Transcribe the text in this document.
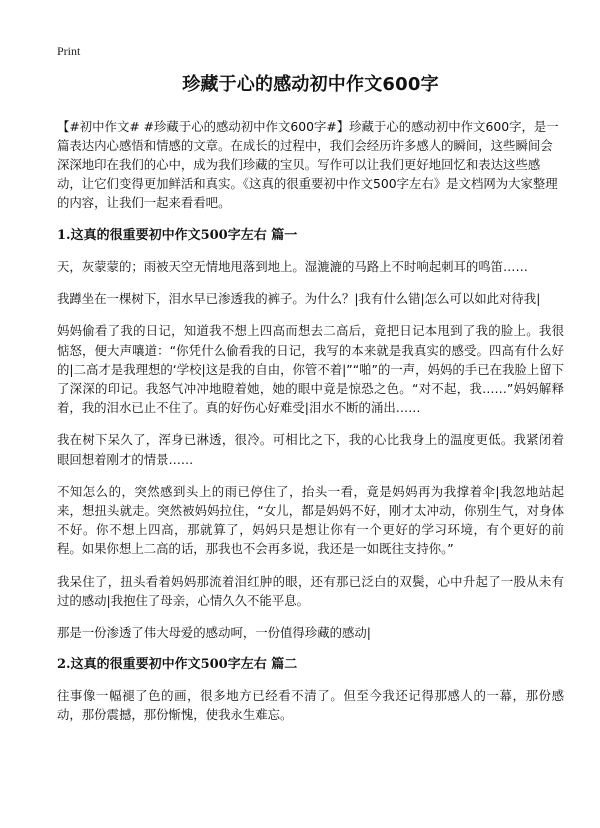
Print
珍藏于心的感动初中作文600字

【#初中作文# #珍藏于心的感动初中作文600字#】珍藏于心的感动初中作文600字，是一篇表达内心感悟和情感的文章。在成长的过程中，我们会经历许多感人的瞬间，这些瞬间会深深地印在我们的心中，成为我们珍藏的宝贝。写作可以让我们更好地回忆和表达这些感动，让它们变得更加鲜活和真实。《这真的很重要初中作文500字左右》是文档网为大家整理的内容，让我们一起来看看吧。

1.这真的很重要初中作文500字左右 篇一

天，灰蒙蒙的；雨被天空无情地甩落到地上。湿漉漉的马路上不时响起刺耳的鸣笛……

我蹲坐在一棵树下，泪水早已渗透我的裤子。为什么？|我有什么错|怎么可以如此对待我|

妈妈偷看了我的日记，知道我不想上四高而想去二高后，竟把日记本甩到了我的脸上。我很惦怒，便大声嚷道：“你凭什么偷看我的日记，我写的本来就是我真实的感受。四高有什么好的|二高才是我理想的‘学校|这是我的自由，你管不着|”“啪”的一声，妈妈的手已在我脸上留下了深深的印记。我怒气冲冲地瞪着她，她的眼中竟是惊恐之色。“对不起，我……”妈妈解释着，我的泪水已止不住了。真的好伤心好难受|泪水不断的涌出……

我在树下呆久了，浑身已淋透，很冷。可相比之下，我的心比我身上的温度更低。我紧闭着眼回想着刚才的情景……

不知怎么的，突然感到头上的雨已停住了，抬头一看，竟是妈妈再为我撑着伞|我忽地站起来，想扭头就走。突然被妈妈拉住，“女儿，都是妈妈不好，刚才太冲动，你别生气，对身体不好。你不想上四高，那就算了，妈妈只是想让你有一个更好的学习环境，有个更好的前程。如果你想上二高的话，那我也不会再多说，我还是一如既往支持你。”

我呆住了，扭头看着妈妈那流着泪红肿的眼，还有那已泛白的双鬓，心中升起了一股从未有过的感动|我抱住了母亲，心情久久不能平息。

那是一份渗透了伟大母爱的感动呵，一份值得珍藏的感动|

2.这真的很重要初中作文500字左右 篇二

往事像一幅褪了色的画，很多地方已经看不清了。但至今我还记得那感人的一幕，那份感动，那份震撼，那份惭愧，使我永生难忘。
